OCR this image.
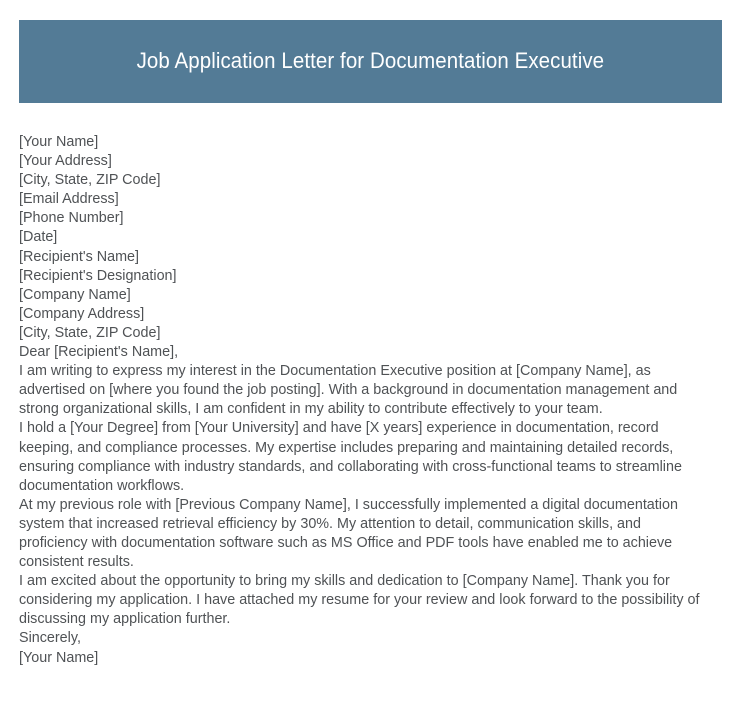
Job Application Letter for Documentation Executive
[Your Name]
[Your Address]
[City, State, ZIP Code]
[Email Address]
[Phone Number]
[Date]
[Recipient's Name]
[Recipient's Designation]
[Company Name]
[Company Address]
[City, State, ZIP Code]
Dear [Recipient's Name],

I am writing to express my interest in the Documentation Executive position at [Company Name], as advertised on [where you found the job posting]. With a background in documentation management and strong organizational skills, I am confident in my ability to contribute effectively to your team.

I hold a [Your Degree] from [Your University] and have [X years] experience in documentation, record keeping, and compliance processes. My expertise includes preparing and maintaining detailed records, ensuring compliance with industry standards, and collaborating with cross-functional teams to streamline documentation workflows.

At my previous role with [Previous Company Name], I successfully implemented a digital documentation system that increased retrieval efficiency by 30%. My attention to detail, communication skills, and proficiency with documentation software such as MS Office and PDF tools have enabled me to achieve consistent results.

I am excited about the opportunity to bring my skills and dedication to [Company Name]. Thank you for considering my application. I have attached my resume for your review and look forward to the possibility of discussing my application further.

Sincerely,
[Your Name]
